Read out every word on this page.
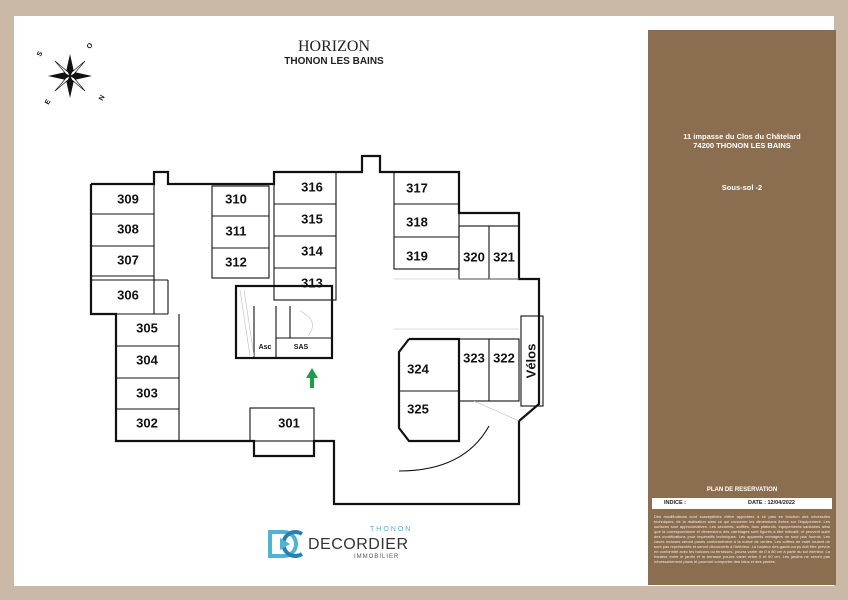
HORIZON
THONON LES BAINS
S
O
E
N
309
308
307
306
305
304
303
302
310
311
312
316
315
314
313
317
318
319	320 321
323 322
324
325
301
Asc	SAS	Vélos
THONON
DECORDIER
IMMOBILIER
11 impasse du Clos du Châtelard
74200 THONON LES BAINS
Sous-sol -2
PLAN DE RESERVATION
INDICE :	DATE : 12/04/2022
Des modifications sont susceptibles d'être apportées à ce plan en fonction des nécessités techniques, de la réalisation ainsi ce qui concerne les dimensions fixées sur l'équipement. Les surfaces sont approximatives. Les sécurités, soffites, faux plafonds, équipements sanitaires ainsi que la correspondance et dimensions des carrelages sont figurés à titre indicatif, et peuvent subir des modifications pour impératifs techniques. Les appareils ménagers ne sont pas fournis. Les caves incluses seront posés conformément à la notice de ventes. Les coffres de volet roulant ne sont pas représentés et seront découverts à l'intérieur. La hauteur des garde-corps doit être prévue en conformité avec les balcons ou terrasses, pourra varier de 0 à 80 cm à partir du sol intérieur. La hauteur entre le jardin et la terrasse pourra varier entre 0 et 60 cm. Les jardins ne seront pas nécessairement plans et pourront comporter des talus et des pentes.
